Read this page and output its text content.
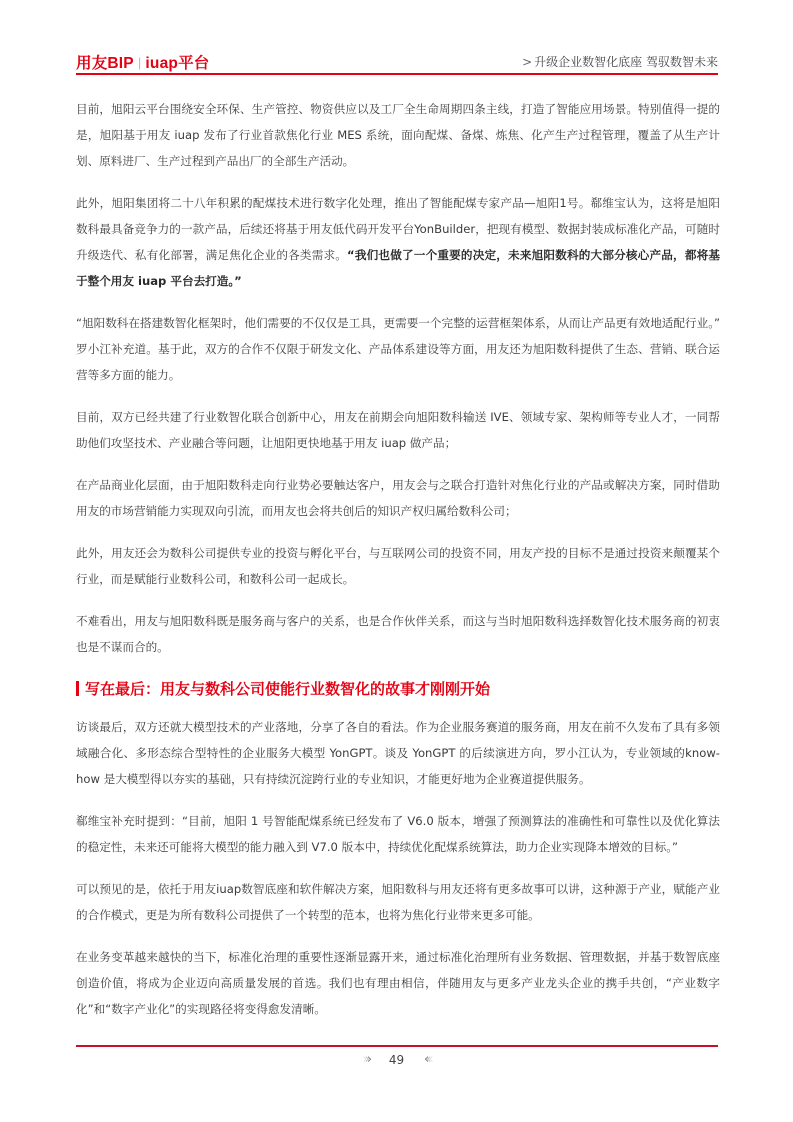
用友BIP | iuap平台	> 升级企业数智化底座 驾驭数智未来

目前，旭阳云平台围绕安全环保、生产管控、物资供应以及工厂全生命周期四条主线，打造了智能应用场景。特别值得一提的是，旭阳基于用友 iuap 发布了行业首款焦化行业 MES 系统，面向配煤、备煤、炼焦、化产生产过程管理，覆盖了从生产计划、原料进厂、生产过程到产品出厂的全部生产活动。

此外，旭阳集团将二十八年积累的配煤技术进行数字化处理，推出了智能配煤专家产品—旭阳1号。郗维宝认为，这将是旭阳数科最具备竞争力的一款产品，后续还将基于用友低代码开发平台YonBuilder，把现有模型、数据封装成标准化产品，可随时升级迭代、私有化部署，满足焦化企业的各类需求。“我们也做了一个重要的决定，未来旭阳数科的大部分核心产品，都将基于整个用友 iuap 平台去打造。”

“旭阳数科在搭建数智化框架时，他们需要的不仅仅是工具，更需要一个完整的运营框架体系，从而让产品更有效地适配行业。” 罗小江补充道。基于此，双方的合作不仅限于研发文化、产品体系建设等方面，用友还为旭阳数科提供了生态、营销、联合运营等多方面的能力。

目前，双方已经共建了行业数智化联合创新中心，用友在前期会向旭阳数科输送 IVE、领域专家、架构师等专业人才，一同帮助他们攻坚技术、产业融合等问题，让旭阳更快地基于用友 iuap 做产品；

在产品商业化层面，由于旭阳数科走向行业势必要触达客户，用友会与之联合打造针对焦化行业的产品或解决方案，同时借助用友的市场营销能力实现双向引流，而用友也会将共创后的知识产权归属给数科公司；

此外，用友还会为数科公司提供专业的投资与孵化平台，与互联网公司的投资不同，用友产投的目标不是通过投资来颠覆某个行业，而是赋能行业数科公司，和数科公司一起成长。

不难看出，用友与旭阳数科既是服务商与客户的关系，也是合作伙伴关系，而这与当时旭阳数科选择数智化技术服务商的初衷也是不谋而合的。

写在最后：用友与数科公司使能行业数智化的故事才刚刚开始

访谈最后，双方还就大模型技术的产业落地，分享了各自的看法。作为企业服务赛道的服务商，用友在前不久发布了具有多领域融合化、多形态综合型特性的企业服务大模型 YonGPT。谈及 YonGPT 的后续演进方向，罗小江认为，专业领域的know-how 是大模型得以夯实的基础，只有持续沉淀跨行业的专业知识，才能更好地为企业赛道提供服务。

郗维宝补充时提到：“目前，旭阳 1 号智能配煤系统已经发布了 V6.0 版本，增强了预测算法的准确性和可靠性以及优化算法的稳定性，未来还可能将大模型的能力融入到 V7.0 版本中，持续优化配煤系统算法，助力企业实现降本增效的目标。”

可以预见的是，依托于用友iuap数智底座和软件解决方案，旭阳数科与用友还将有更多故事可以讲，这种源于产业，赋能产业的合作模式，更是为所有数科公司提供了一个转型的范本，也将为焦化行业带来更多可能。

在业务变革越来越快的当下，标准化治理的重要性逐渐显露开来，通过标准化治理所有业务数据、管理数据，并基于数智底座创造价值，将成为企业迈向高质量发展的首选。我们也有理由相信，伴随用友与更多产业龙头企业的携手共创，“产业数字化”和“数字产业化”的实现路径将变得愈发清晰。

››› 49 ‹‹‹
